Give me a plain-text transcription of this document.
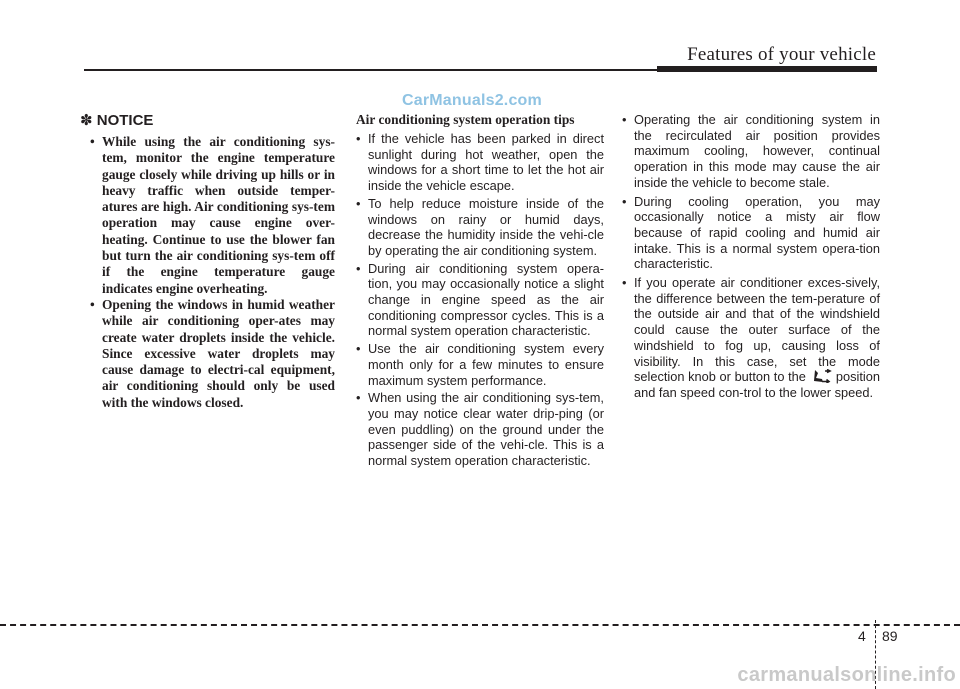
Features of your vehicle
CarManuals2.com
✽ NOTICE
• While using the air conditioning sys-tem, monitor the engine temperature gauge closely while driving up hills or in heavy traffic when outside temper-atures are high. Air conditioning sys-tem operation may cause engine over-heating. Continue to use the blower fan but turn the air conditioning sys-tem off if the engine temperature gauge indicates engine overheating.
• Opening the windows in humid weather while air conditioning oper-ates may create water droplets inside the vehicle. Since excessive water droplets may cause damage to electri-cal equipment, air conditioning should only be used with the windows closed.
Air conditioning system operation tips
• If the vehicle has been parked in direct sunlight during hot weather, open the windows for a short time to let the hot air inside the vehicle escape.
• To help reduce moisture inside of the windows on rainy or humid days, decrease the humidity inside the vehi-cle by operating the air conditioning system.
• During air conditioning system opera-tion, you may occasionally notice a slight change in engine speed as the air conditioning compressor cycles. This is a normal system operation characteristic.
• Use the air conditioning system every month only for a few minutes to ensure maximum system performance.
• When using the air conditioning sys-tem, you may notice clear water drip-ping (or even puddling) on the ground under the passenger side of the vehi-cle. This is a normal system operation characteristic.
• Operating the air conditioning system in the recirculated air position provides maximum cooling, however, continual operation in this mode may cause the air inside the vehicle to become stale.
• During cooling operation, you may occasionally notice a misty air flow because of rapid cooling and humid air intake. This is a normal system opera-tion characteristic.
• If you operate air conditioner exces-sively, the difference between the tem-perature of the outside air and that of the windshield could cause the outer surface of the windshield to fog up, causing loss of visibility. In this case, set the mode selection knob or button to the position and fan speed con-trol to the lower speed.
4 89
carmanualsonline.info
